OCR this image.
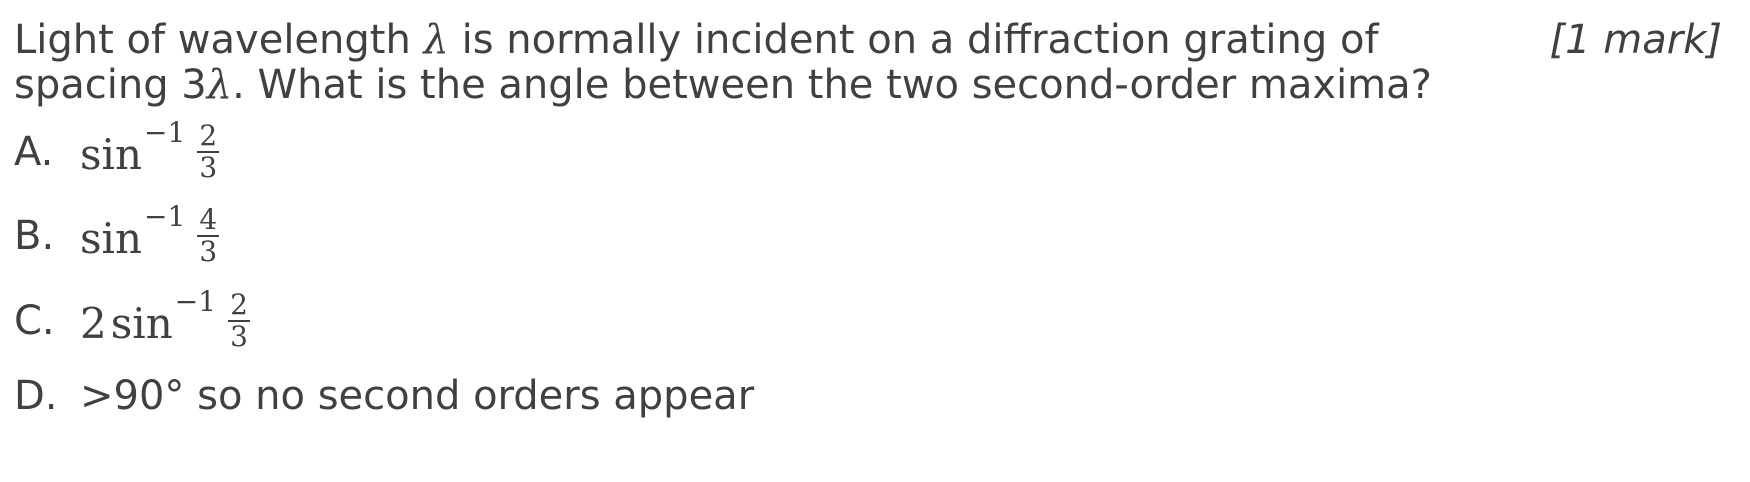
Light of wavelength λ is normally incident on a diffraction grating of
spacing 3λ. What is the angle between the two second-order maxima?

[1 mark]
A. $\sin -1 \frac{2}{3}$
B. $\sin -1 \frac{4}{3}$
C. 2 $\sin -1 \frac{2}{3}$
D. >90° so no second orders appear
